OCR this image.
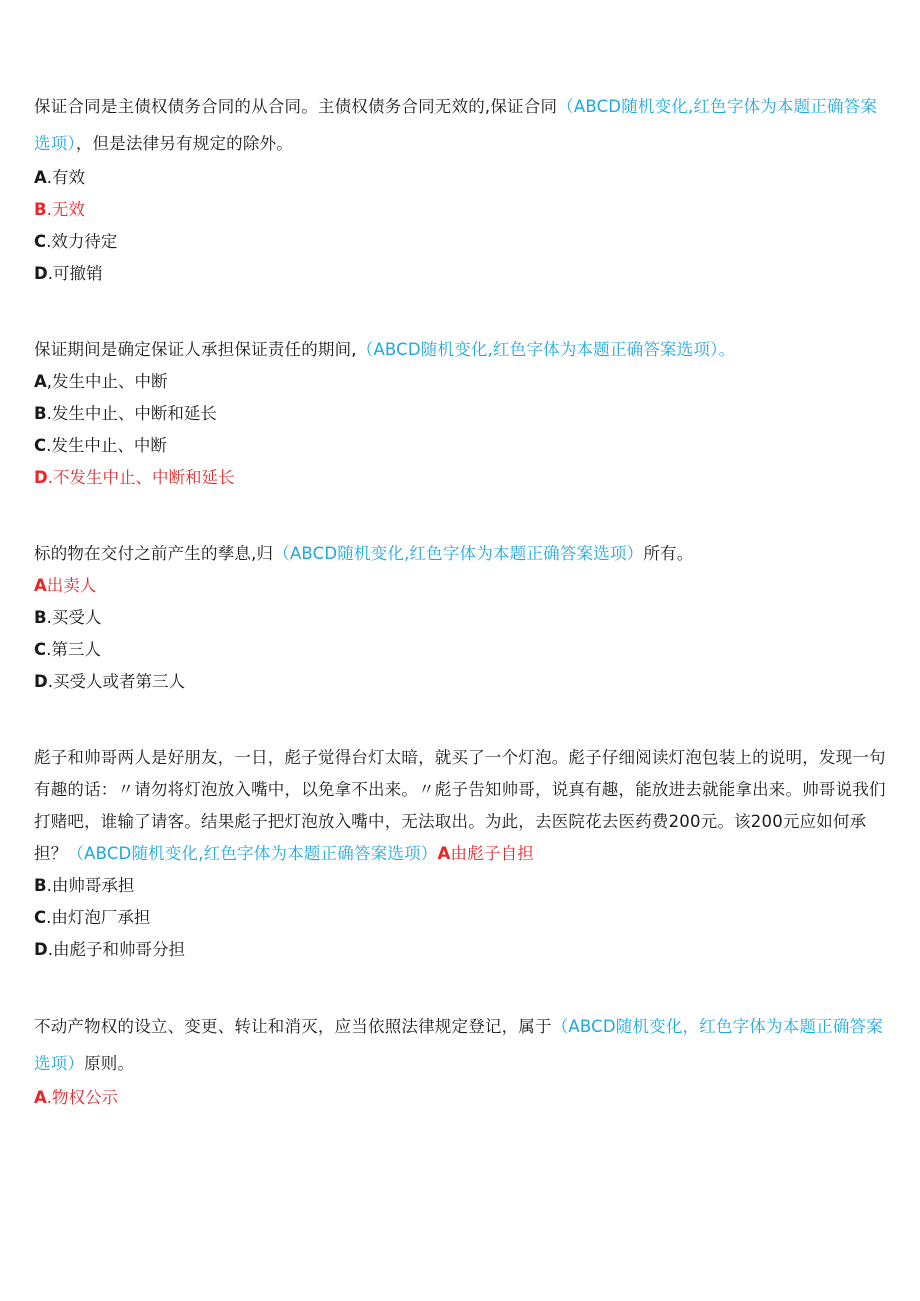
保证合同是主债权债务合同的从合同。主债权债务合同无效的,保证合同（ABCD随机变化,红色字体为本题正确答案选项），但是法律另有规定的除外。

A.有效
B.无效
C.效力待定
D.可撤销

保证期间是确定保证人承担保证责任的期间,（ABCD随机变化,红色字体为本题正确答案选项）。

A,发生中止、中断
B.发生中止、中断和延长
C.发生中止、中断
D.不发生中止、中断和延长

标的物在交付之前产生的孳息,归（ABCD随机变化,红色字体为本题正确答案选项）所有。

A出卖人
B.买受人
C.第三人
D.买受人或者第三人

彪子和帅哥两人是好朋友，一日，彪子觉得台灯太暗，就买了一个灯泡。彪子仔细阅读灯泡包装上的说明，发现一句有趣的话：〃请勿将灯泡放入嘴中，以免拿不出来。〃彪子告知帅哥，说真有趣，能放进去就能拿出来。帅哥说我们打赌吧，谁输了请客。结果彪子把灯泡放入嘴中，无法取出。为此，去医院花去医药费200元。该200元应如何承担？（ABCD随机变化,红色字体为本题正确答案选项）A由彪子自担

B.由帅哥承担
C.由灯泡厂承担
D.由彪子和帅哥分担

不动产物权的设立、变更、转让和消灭，应当依照法律规定登记，属于（ABCD随机变化，红色字体为本题正确答案选项）原则。

A.物权公示
